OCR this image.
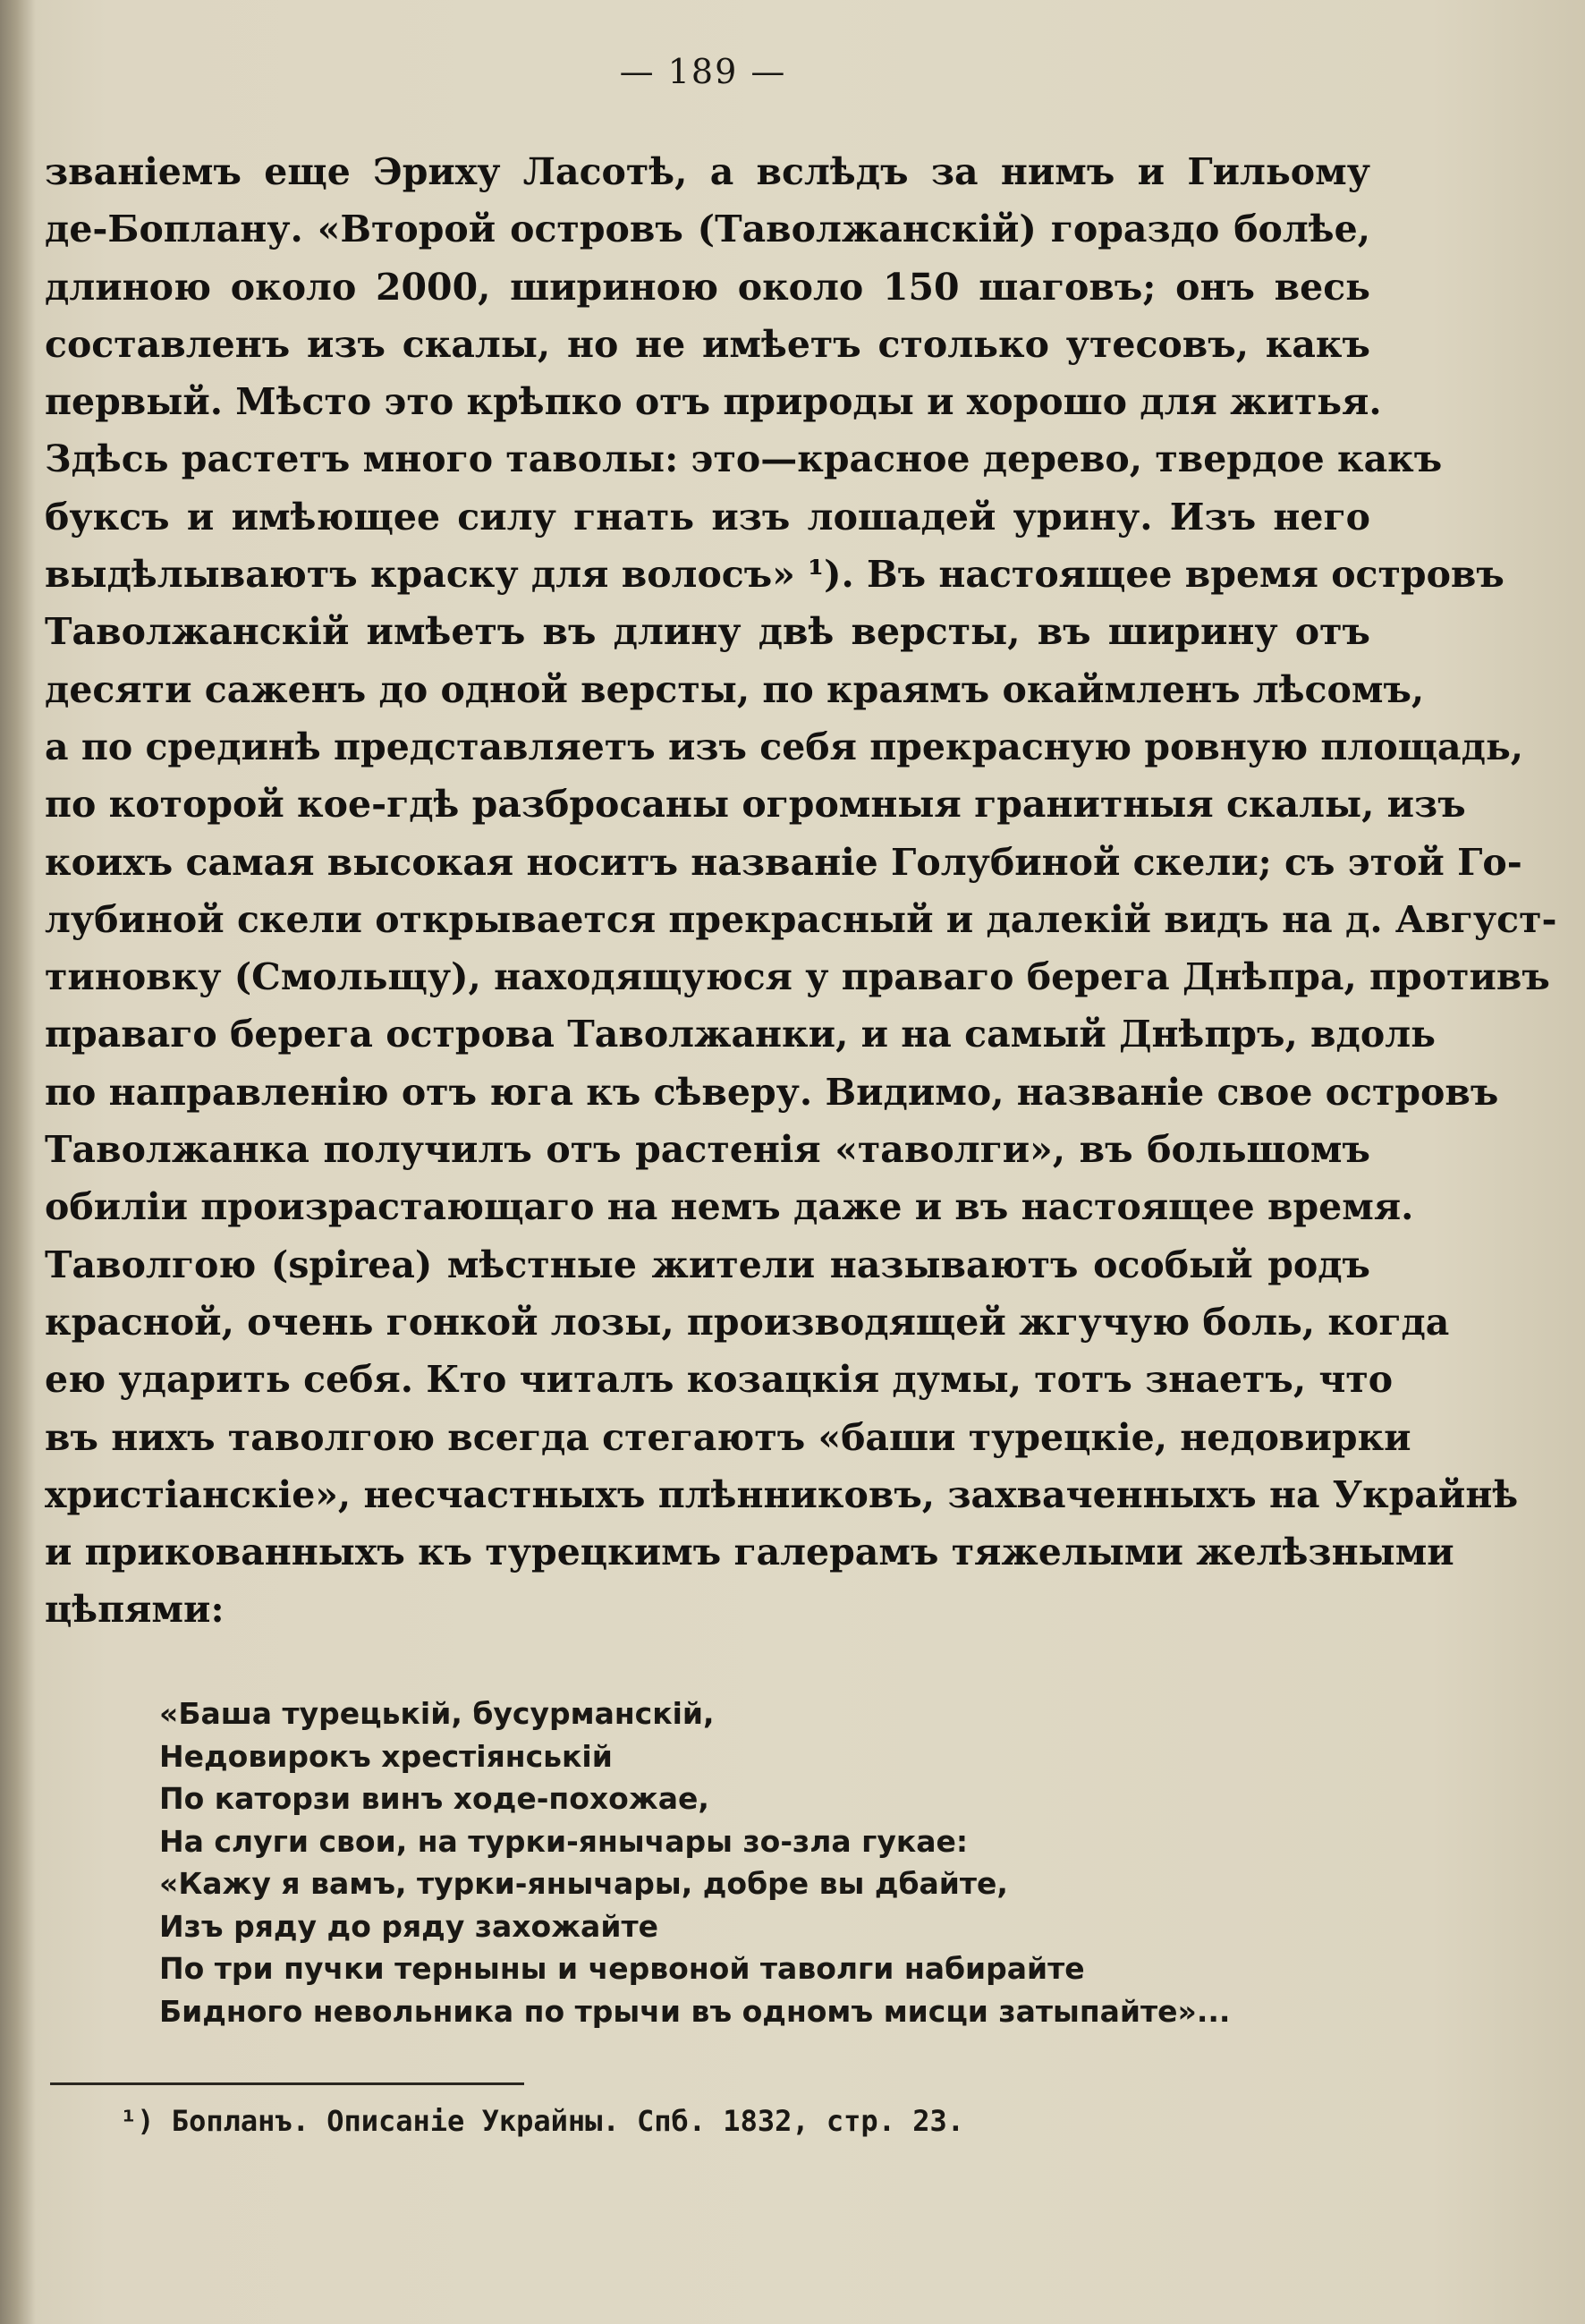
— 189 —
званіемъ еще Эриху Ласотѣ, а вслѣдъ за нимъ и Гильому
де-Боплану. «Второй островъ (Таволжанскій) гораздо болѣе,
длиною около 2000, шириною около 150 шаговъ; онъ весь
составленъ изъ скалы, но не имѣетъ столько утесовъ, какъ
первый. Мѣсто это крѣпко отъ природы и хорошо для житья.
Здѣсь растетъ много таволы: это—красное дерево, твердое какъ
буксъ и имѣющее силу гнать изъ лошадей урину. Изъ него
выдѣлываютъ краску для волосъ» ¹). Въ настоящее время островъ
Таволжанскій имѣетъ въ длину двѣ версты, въ ширину отъ
десяти саженъ до одной версты, по краямъ окаймленъ лѣсомъ,
а по срединѣ представляетъ изъ себя прекрасную ровную площадь,
по которой кое-гдѣ разбросаны огромныя гранитныя скалы, изъ
коихъ самая высокая носитъ названіе Голубиной скели; съ этой Го-
лубиной скели открывается прекрасный и далекій видъ на д. Август-
тиновку (Смольщу), находящуюся у праваго берега Днѣпра, противъ
праваго берега острова Таволжанки, и на самый Днѣпръ, вдоль
по направленію отъ юга къ сѣверу. Видимо, названіе свое островъ
Таволжанка получилъ отъ растенія «таволги», въ большомъ
обиліи произрастающаго на немъ даже и въ настоящее время.
Таволгою (spirea) мѣстные жители называютъ особый родъ
красной, очень гонкой лозы, производящей жгучую боль, когда
ею ударить себя. Кто читалъ козацкія думы, тотъ знаетъ, что
въ нихъ таволгою всегда стегаютъ «баши турецкіе, недовирки
христіанскіе», несчастныхъ плѣнниковъ, захваченныхъ на Украйнѣ
и прикованныхъ къ турецкимъ галерамъ тяжелыми желѣзными
цѣпями:
«Баша турецькій, бусурманскій,
Недовирокъ хрестіянській
По каторзи винъ ходе-похожае,
На слуги свои, на турки-янычары зо-зла гукае:
«Кажу я вамъ, турки-янычары, добре вы дбайте,
Изъ ряду до ряду захожайте
По три пучки терныны и червоной таволги набирайте
Бидного невольника по трычи въ одномъ мисци затыпайте»...
¹) Бопланъ. Описаніе Украйны. Спб. 1832, стр. 23.
